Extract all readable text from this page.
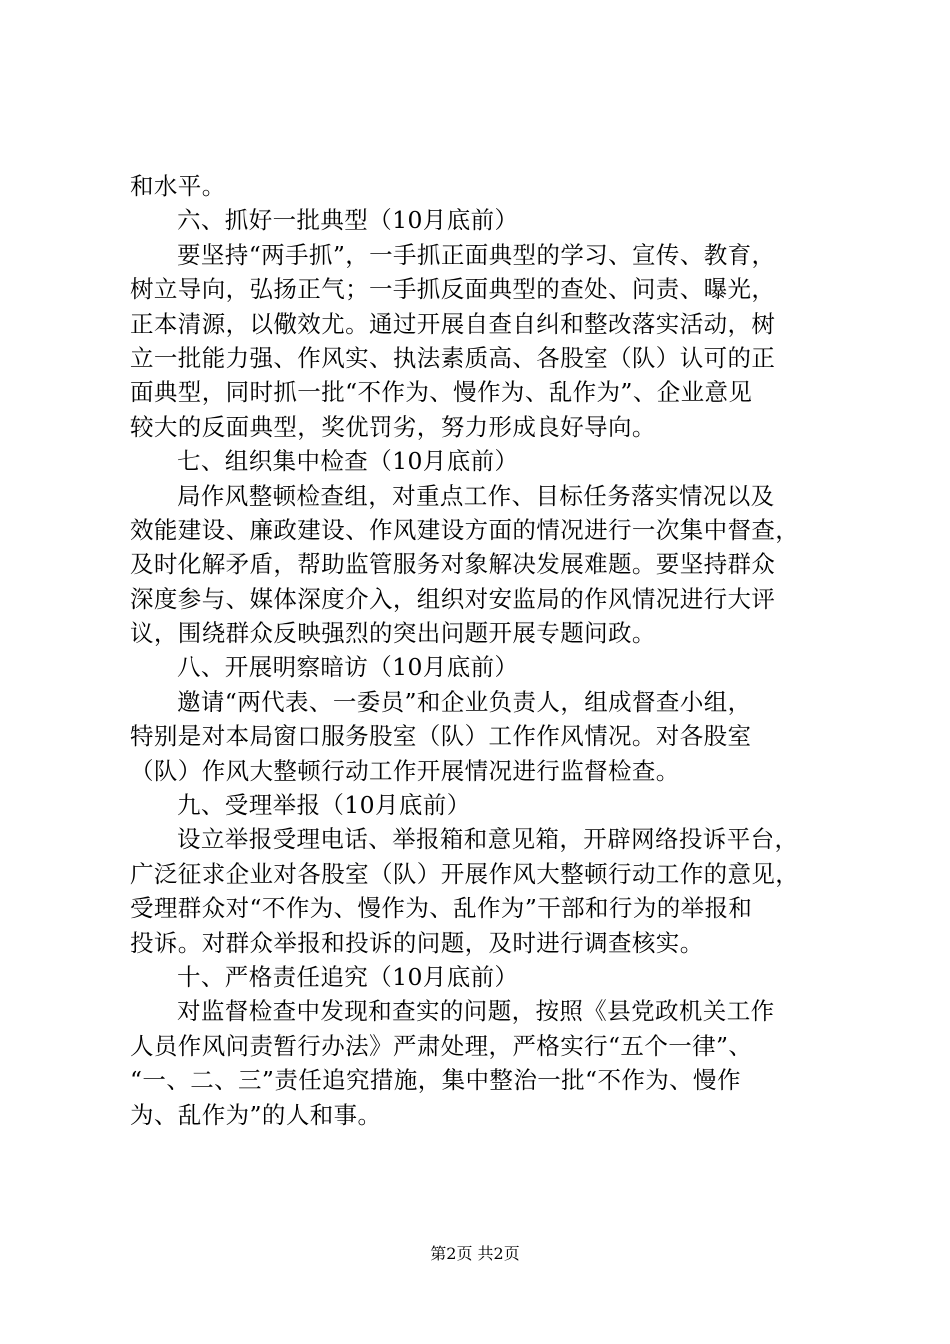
和水平。
六、抓好一批典型（10月底前）
要坚持“两手抓”，一手抓正面典型的学习、宣传、教育，
树立导向，弘扬正气；一手抓反面典型的查处、问责、曝光，
正本清源，以儆效尤。通过开展自查自纠和整改落实活动，树
立一批能力强、作风实、执法素质高、各股室（队）认可的正
面典型，同时抓一批“不作为、慢作为、乱作为”、企业意见
较大的反面典型，奖优罚劣，努力形成良好导向。
七、组织集中检查（10月底前）
局作风整顿检查组，对重点工作、目标任务落实情况以及
效能建设、廉政建设、作风建设方面的情况进行一次集中督查，
及时化解矛盾，帮助监管服务对象解决发展难题。要坚持群众
深度参与、媒体深度介入，组织对安监局的作风情况进行大评
议，围绕群众反映强烈的突出问题开展专题问政。
八、开展明察暗访（10月底前）
邀请“两代表、一委员”和企业负责人，组成督查小组，
特别是对本局窗口服务股室（队）工作作风情况。对各股室
（队）作风大整顿行动工作开展情况进行监督检查。
九、受理举报（10月底前）
设立举报受理电话、举报箱和意见箱，开辟网络投诉平台，
广泛征求企业对各股室（队）开展作风大整顿行动工作的意见，
受理群众对“不作为、慢作为、乱作为”干部和行为的举报和
投诉。对群众举报和投诉的问题，及时进行调查核实。
十、严格责任追究（10月底前）
对监督检查中发现和查实的问题，按照《县党政机关工作
人员作风问责暂行办法》严肃处理，严格实行“五个一律”、
“一、二、三”责任追究措施，集中整治一批“不作为、慢作
为、乱作为”的人和事。
第2页 共2页
